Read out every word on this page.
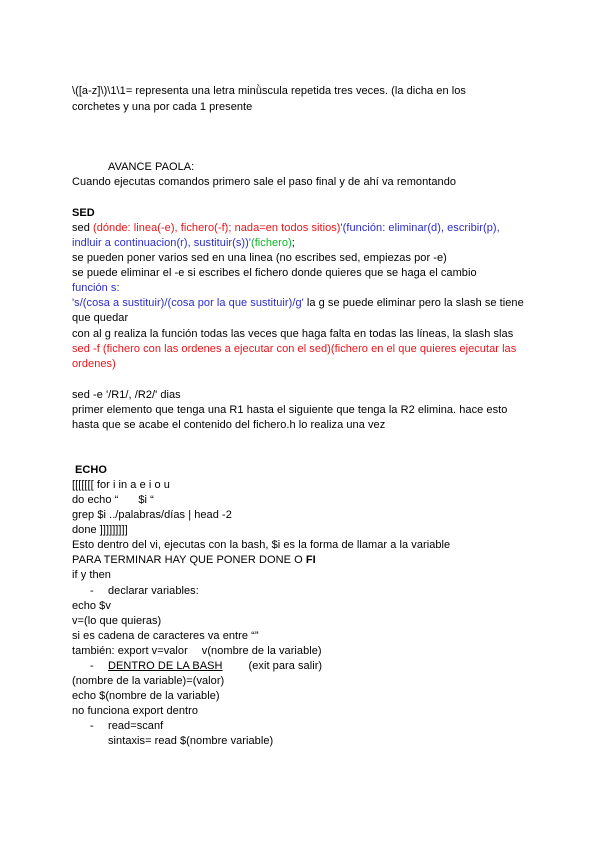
\([a-z]\)\1\1= representa una letra minǜscula repetida tres veces. (la dicha en los
corchetes y una por cada 1 presente
AVANCE PAOLA:
Cuando ejecutas comandos primero sale el paso final y de ahí va remontando
SED
sed (dónde: linea(-e), fichero(-f); nada=en todos sitios)'(función: eliminar(d), escribir(p),
indluir a continuacion(r), sustituir(s))'(fichero);
se pueden poner varios sed en una linea (no escribes sed, empiezas por -e)
se puede eliminar el -e si escribes el fichero donde quieres que se haga el cambio
función s:
's/(cosa a sustituir)/(cosa por la que sustituir)/g' la g se puede eliminar pero la slash se tiene
que quedar
con al g realiza la función todas las veces que haga falta en todas las líneas, la slash slas
sed -f (fichero con las ordenes a ejecutar con el sed)(fichero en el que quieres ejecutar las
ordenes)
sed -e '/R1/, /R2/' dias
primer elemento que tenga una R1 hasta el siguiente que tenga la R2 elimina. hace esto
hasta que se acabe el contenido del fichero.h lo realiza una vez
ECHO
[[[[[[[ for i in a e i o u
do echo “ $i “
grep $i ../palabras/días | head -2
done ]]]]]]]]]
Esto dentro del vi, ejecutas con la bash, $i es la forma de llamar a la variable
PARA TERMINAR HAY QUE PONER DONE O FI
if y then
- declarar variables:
echo $v
v=(lo que quieras)
si es cadena de caracteres va entre “”
también: export v=valor v(nombre de la variable)
- DENTRO DE LA BASH (exit para salir)
(nombre de la variable)=(valor)
echo $(nombre de la variable)
no funciona export dentro
- read=scanf
sintaxis= read $(nombre variable)
